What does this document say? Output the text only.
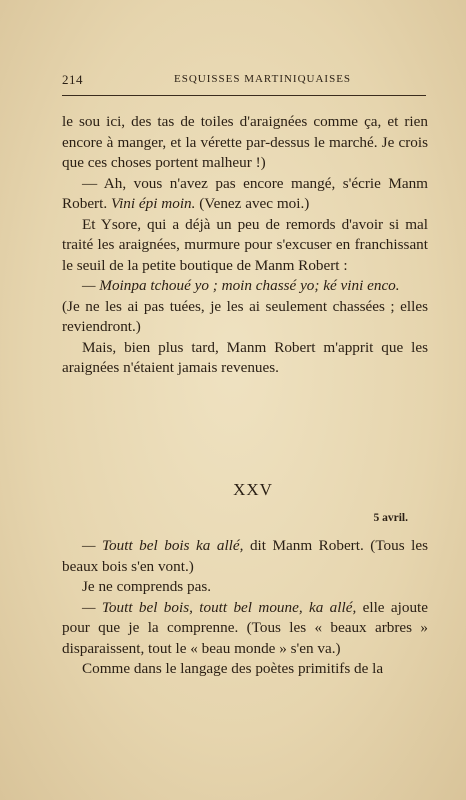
214	ESQUISSES MARTINIQUAISES

le sou ici, des tas de toiles d'araignées comme ça, et rien encore à manger, et la vérette par-dessus le marché. Je crois que ces choses portent malheur !)

— Ah, vous n'avez pas encore mangé, s'écrie Manm Robert. Vini épi moin. (Venez avec moi.)

Et Ysore, qui a déjà un peu de remords d'avoir si mal traité les araignées, murmure pour s'excuser en franchissant le seuil de la petite boutique de Manm Robert :

— Moinpa tchoué yo ; moin chassé yo; ké vini enco.

(Je ne les ai pas tuées, je les ai seulement chassées ; elles reviendront.)

Mais, bien plus tard, Manm Robert m'apprit que les araignées n'étaient jamais revenues.

XXV
5 avril.

— Toutt bel bois ka allé, dit Manm Robert. (Tous les beaux bois s'en vont.)

Je ne comprends pas.

— Toutt bel bois, toutt bel moune, ka allé, elle ajoute pour que je la comprenne. (Tous les « beaux arbres » disparaissent, tout le « beau monde » s'en va.)

Comme dans le langage des poètes primitifs de la
